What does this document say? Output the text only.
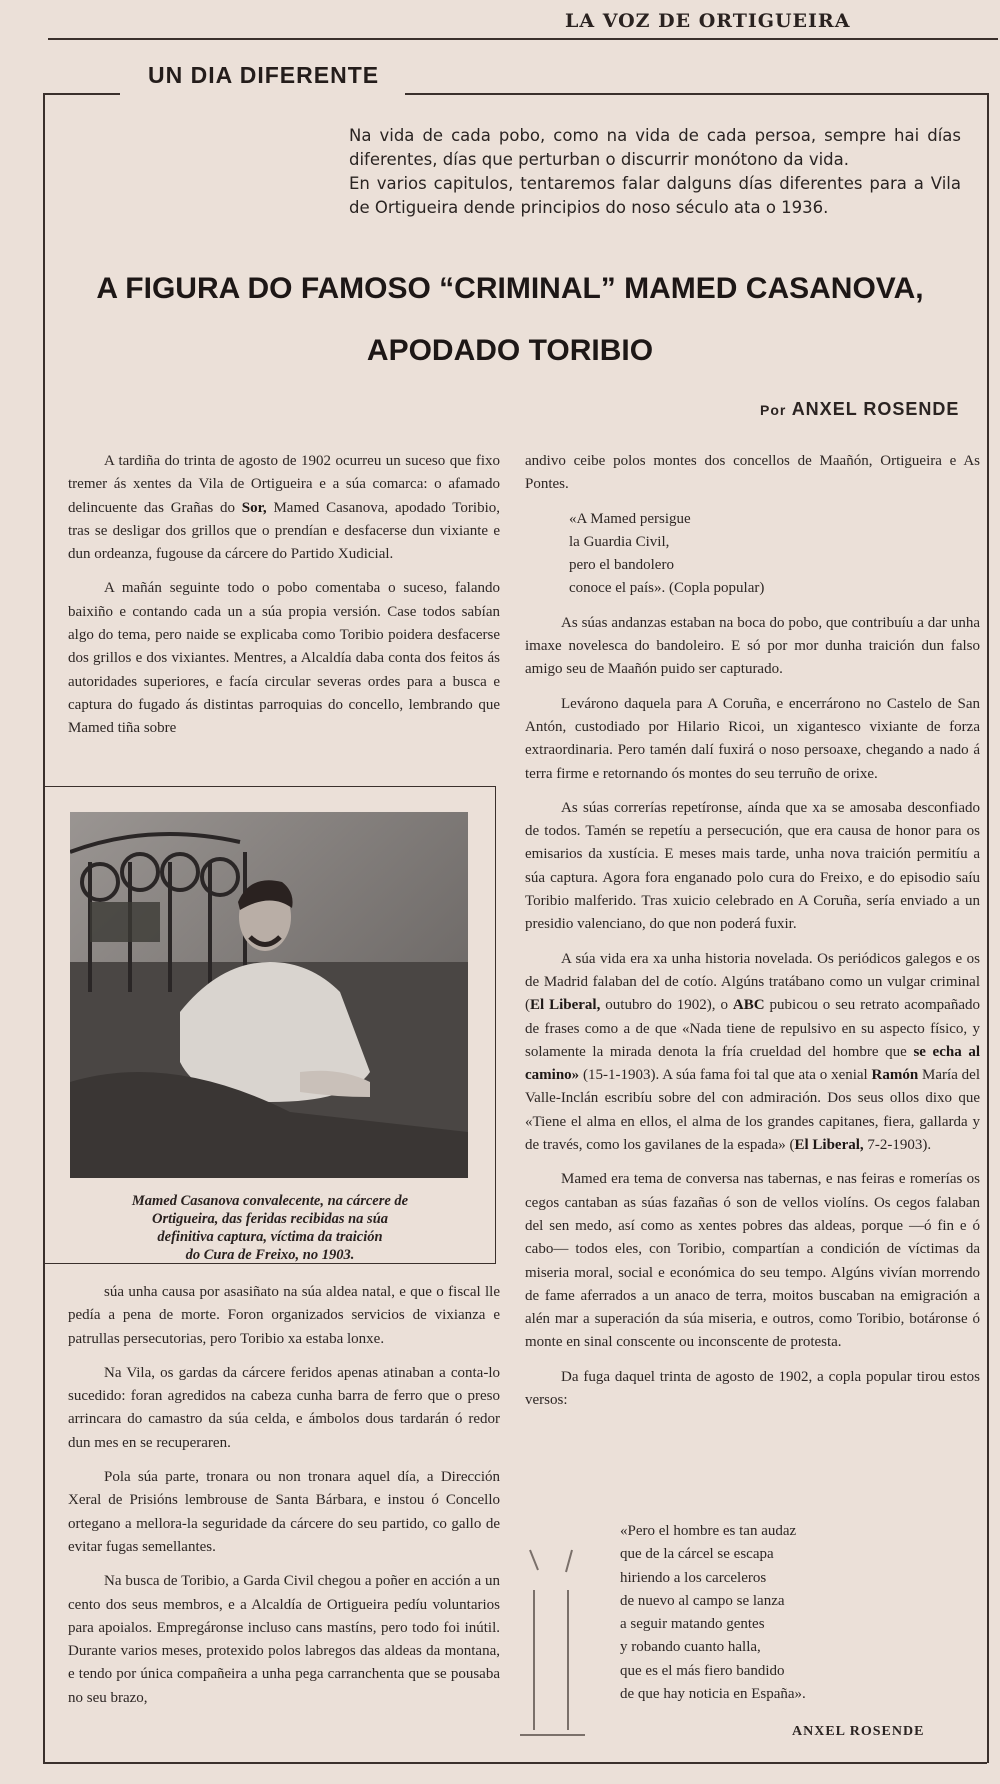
LA VOZ DE ORTIGUEIRA
UN DIA DIFERENTE

Na vida de cada pobo, como na vida de cada persoa, sempre hai días diferentes, días que perturban o discurrir monótono da vida.

En varios capitulos, tentaremos falar dalguns días diferentes para a Vila de Ortigueira dende principios do noso século ata o 1936.

A FIGURA DO FAMOSO “CRIMINAL” MAMED CASANOVA,
APODADO TORIBIO
Por ANXEL ROSENDE

A tardiña do trinta de agosto de 1902 ocurreu un suceso que fixo tremer ás xentes da Vila de Ortigueira e a súa comarca: o afamado delincuente das Grañas do Sor, Mamed Casanova, apodado Toribio, tras se desligar dos grillos que o prendían e desfacerse dun vixiante e dun ordeanza, fugouse da cárcere do Partido Xudicial.

A mañán seguinte todo o pobo comentaba o suceso, falando baixiño e contando cada un a súa propia versión. Case todos sabían algo do tema, pero naide se explicaba como Toribio poidera desfacerse dos grillos e dos vixiantes. Mentres, a Alcaldía daba conta dos feitos ás autoridades superiores, e facía circular severas ordes para a busca e captura do fugado ás distintas parroquias do concello, lembrando que Mamed tiña sobre

Mamed Casanova convalecente, na cárcere de
Ortigueira, das feridas recibidas na súa
definitiva captura, víctima da traición
do Cura de Freixo, no 1903.

súa unha causa por asasiñato na súa aldea natal, e que o fiscal lle pedía a pena de morte. Foron organizados servicios de vixianza e patrullas persecutorias, pero Toribio xa estaba lonxe.

Na Vila, os gardas da cárcere feridos apenas atinaban a conta-lo sucedido: foran agredidos na cabeza cunha barra de ferro que o preso arrincara do camastro da súa celda, e ámbolos dous tardarán ó redor dun mes en se recuperaren.

Pola súa parte, tronara ou non tronara aquel día, a Dirección Xeral de Prisións lembrouse de Santa Bárbara, e instou ó Concello ortegano a mellora-la seguridade da cárcere do seu partido, co gallo de evitar fugas semellantes.

Na busca de Toribio, a Garda Civil chegou a poñer en acción a un cento dos seus membros, e a Alcaldía de Ortigueira pedíu voluntarios para apoialos. Empregáronse incluso cans mastíns, pero todo foi inútil. Durante varios meses, protexido polos labregos das aldeas da montana, e tendo por única compañeira a unha pega carranchenta que se pousaba no seu brazo,

andivo ceibe polos montes dos concellos de Maañón, Ortigueira e As Pontes.

«A Mamed persigue
la Guardia Civil,
pero el bandolero
conoce el país». (Copla popular)

As súas andanzas estaban na boca do pobo, que contribuíu a dar unha imaxe novelesca do bandoleiro. E só por mor dunha traición dun falso amigo seu de Maañón puido ser capturado.

Levárono daquela para A Coruña, e encerrárono no Castelo de San Antón, custodiado por Hilario Ricoi, un xigantesco vixiante de forza extraordinaria. Pero tamén dalí fuxirá o noso persoaxe, chegando a nado á terra firme e retornando ós montes do seu terruño de orixe.

As súas correrías repetíronse, aínda que xa se amosaba desconfiado de todos. Tamén se repetíu a persecución, que era causa de honor para os emisarios da xustícia. E meses mais tarde, unha nova traición permitíu a súa captura. Agora fora enganado polo cura do Freixo, e do episodio saíu Toribio malferido. Tras xuicio celebrado en A Coruña, sería enviado a un presidio valenciano, do que non poderá fuxir.

A súa vida era xa unha historia novelada. Os periódicos galegos e os de Madrid falaban del de cotío. Algúns tratábano como un vulgar criminal (El Liberal, outubro do 1902), o ABC pubicou o seu retrato acompañado de frases como a de que «Nada tiene de repulsivo en su aspecto físico, y solamente la mirada denota la fría crueldad del hombre que se echa al camino» (15-1-1903). A súa fama foi tal que ata o xenial Ramón María del Valle-Inclán escribíu sobre del con admiración. Dos seus ollos dixo que «Tiene el alma en ellos, el alma de los grandes capitanes, fiera, gallarda y de través, como los gavilanes de la espada» (El Liberal, 7-2-1903).

Mamed era tema de conversa nas tabernas, e nas feiras e romerías os cegos cantaban as súas fazañas ó son de vellos violíns. Os cegos falaban del sen medo, así como as xentes pobres das aldeas, porque —ó fin e ó cabo— todos eles, con Toribio, compartían a condición de víctimas da miseria moral, social e económica do seu tempo. Algúns vivían morrendo de fame aferrados a un anaco de terra, moitos buscaban na emigración a alén mar a superación da súa miseria, e outros, como Toribio, botáronse ó monte en sinal conscente ou inconscente de protesta.

Da fuga daquel trinta de agosto de 1902, a copla popular tirou estos versos:

«Pero el hombre es tan audaz
que de la cárcel se escapa
hiriendo a los carceleros
de nuevo al campo se lanza
a seguir matando gentes
y robando cuanto halla,
que es el más fiero bandido
de que hay noticia en España».
ANXEL ROSENDE
